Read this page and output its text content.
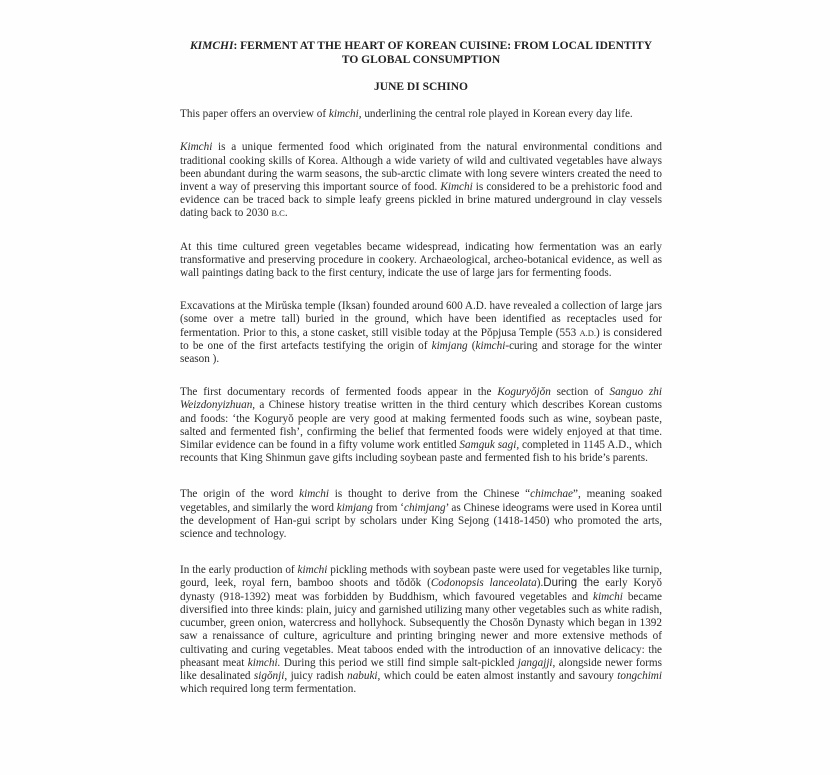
KIMCHI: FERMENT AT THE HEART OF KOREAN CUISINE: FROM LOCAL IDENTITY
TO GLOBAL CONSUMPTION
JUNE DI SCHINO

This paper offers an overview of kimchi, underlining the central role played in Korean every day life.

Kimchi is a unique fermented food which originated from the natural environmental conditions and traditional cooking skills of Korea. Although a wide variety of wild and cultivated vegetables have always been abundant during the warm seasons, the sub-arctic climate with long severe winters created the need to invent a way of preserving this important source of food. Kimchi is considered to be a prehistoric food and evidence can be traced back to simple leafy greens pickled in brine matured underground in clay vessels dating back to 2030 B.C.

At this time cultured green vegetables became widespread, indicating how fermentation was an early transformative and preserving procedure in cookery. Archaeological, archeo-botanical evidence, as well as wall paintings dating back to the first century, indicate the use of large jars for fermenting foods.

Excavations at the Mirŭska temple (Iksan) founded around 600 A.D. have revealed a collection of large jars (some over a metre tall) buried in the ground, which have been identified as receptacles used for fermentation. Prior to this, a stone casket, still visible today at the Pŏpjusa Temple (553 A.D.) is considered to be one of the first artefacts testifying the origin of kimjang (kimchi-curing and storage for the winter season ).

The first documentary records of fermented foods appear in the Koguryŏjŏn section of Sanguo zhi Weizdonyizhuan, a Chinese history treatise written in the third century which describes Korean customs and foods: ‘the Koguryŏ people are very good at making fermented foods such as wine, soybean paste, salted and fermented fish’, confirming the belief that fermented foods were widely enjoyed at that time. Similar evidence can be found in a fifty volume work entitled Samguk sagi, completed in 1145 A.D., which recounts that King Shinmun gave gifts including soybean paste and fermented fish to his bride’s parents.

The origin of the word kimchi is thought to derive from the Chinese “chimchae”, meaning soaked vegetables, and similarly the word kimjang from ‘chimjang’ as Chinese ideograms were used in Korea until the development of Han-gui script by scholars under King Sejong (1418-1450) who promoted the arts, science and technology.

In the early production of kimchi pickling methods with soybean paste were used for vegetables like turnip, gourd, leek, royal fern, bamboo shoots and tŏdŏk (Codonopsis lanceolata).During the early Koryŏ dynasty (918-1392) meat was forbidden by Buddhism, which favoured vegetables and kimchi became diversified into three kinds: plain, juicy and garnished utilizing many other vegetables such as white radish, cucumber, green onion, watercress and hollyhock. Subsequently the Chosŏn Dynasty which began in 1392 saw a renaissance of culture, agriculture and printing bringing newer and more extensive methods of cultivating and curing vegetables. Meat taboos ended with the introduction of an innovative delicacy: the pheasant meat kimchi. During this period we still find simple salt-pickled jangajji, alongside newer forms like desalinated sigŏnji, juicy radish nabuki, which could be eaten almost instantly and savoury tongchimi which required long term fermentation.
